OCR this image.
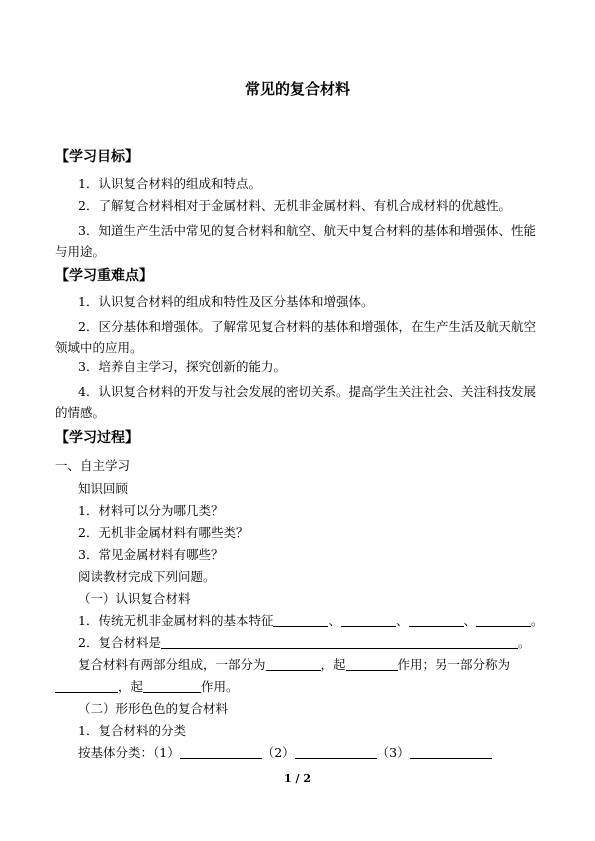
常见的复合材料
【学习目标】
1．认识复合材料的组成和特点。
2．了解复合材料相对于金属材料、无机非金属材料、有机合成材料的优越性。
3．知道生产生活中常见的复合材料和航空、航天中复合材料的基体和增强体、性能与用途。
【学习重难点】
1．认识复合材料的组成和特性及区分基体和增强体。
2．区分基体和增强体。了解常见复合材料的基体和增强体，在生产生活及航天航空领域中的应用。
3．培养自主学习，探究创新的能力。
4．认识复合材料的开发与社会发展的密切关系。提高学生关注社会、关注科技发展的情感。
【学习过程】
一、自主学习
知识回顾
1．材料可以分为哪几类？
2．无机非金属材料有哪些类？
3．常见金属材料有哪些？
阅读教材完成下列问题。
（一）认识复合材料
1．传统无机非金属材料的基本特征	、	、	、	。
2．复合材料是	。
复合材料有两部分组成，一部分为	，起	作用；另一部分称为
，起	作用。
（二）形形色色的复合材料
1．复合材料的分类
按基体分类：（1）	（2）	（3）
1 / 2
